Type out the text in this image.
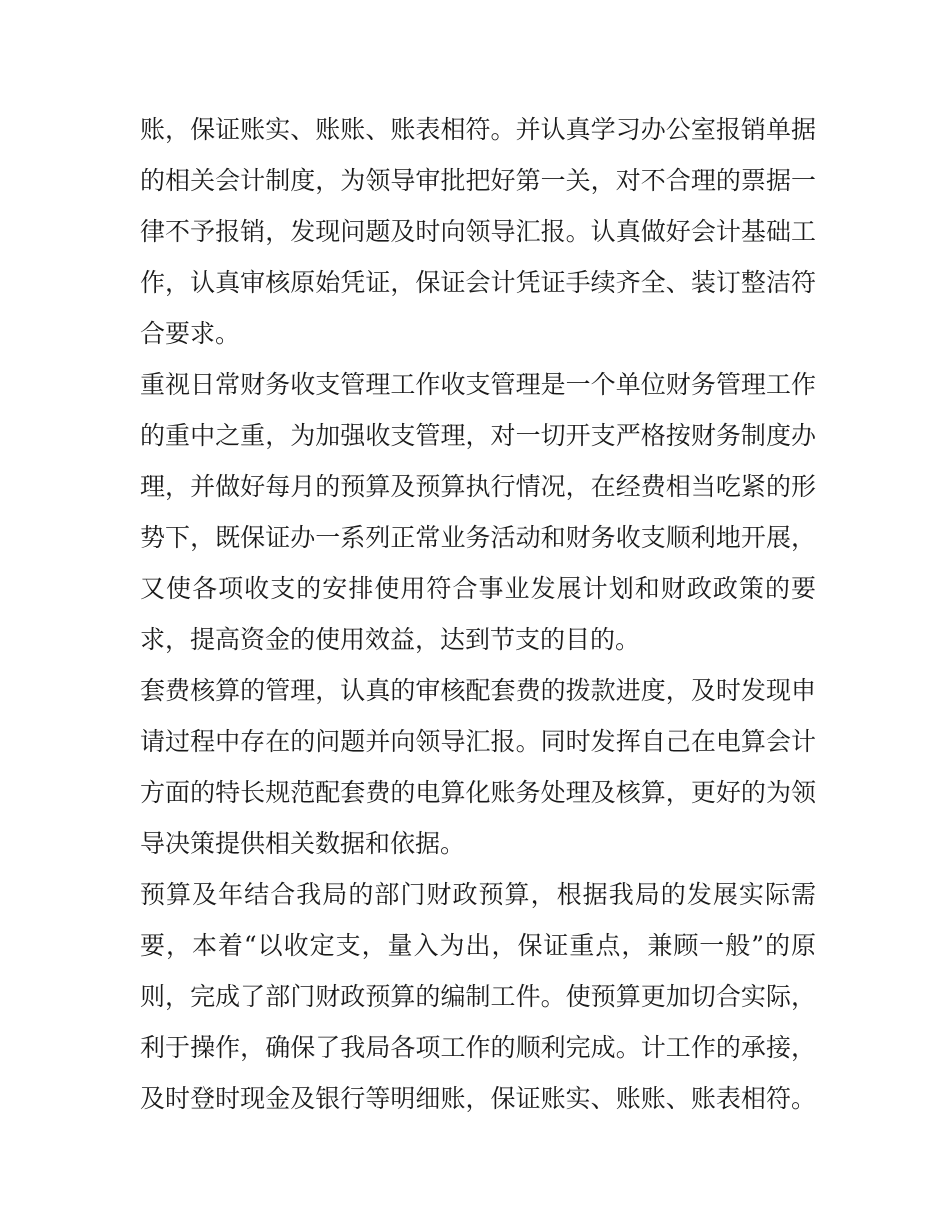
账，保证账实、账账、账表相符。并认真学习办公室报销单据
的相关会计制度，为领导审批把好第一关，对不合理的票据一
律不予报销，发现问题及时向领导汇报。认真做好会计基础工
作，认真审核原始凭证，保证会计凭证手续齐全、装订整洁符
合要求。
重视日常财务收支管理工作收支管理是一个单位财务管理工作
的重中之重，为加强收支管理，对一切开支严格按财务制度办
理，并做好每月的预算及预算执行情况，在经费相当吃紧的形
势下，既保证办一系列正常业务活动和财务收支顺利地开展，
又使各项收支的安排使用符合事业发展计划和财政政策的要
求，提高资金的使用效益，达到节支的目的。
套费核算的管理，认真的审核配套费的拨款进度，及时发现申
请过程中存在的问题并向领导汇报。同时发挥自己在电算会计
方面的特长规范配套费的电算化账务处理及核算，更好的为领
导决策提供相关数据和依据。
预算及年结合我局的部门财政预算，根据我局的发展实际需
要，本着“以收定支，量入为出，保证重点，兼顾一般”的原
则，完成了部门财政预算的编制工件。使预算更加切合实际，
利于操作，确保了我局各项工作的顺利完成。计工作的承接，
及时登时现金及银行等明细账，保证账实、账账、账表相符。
